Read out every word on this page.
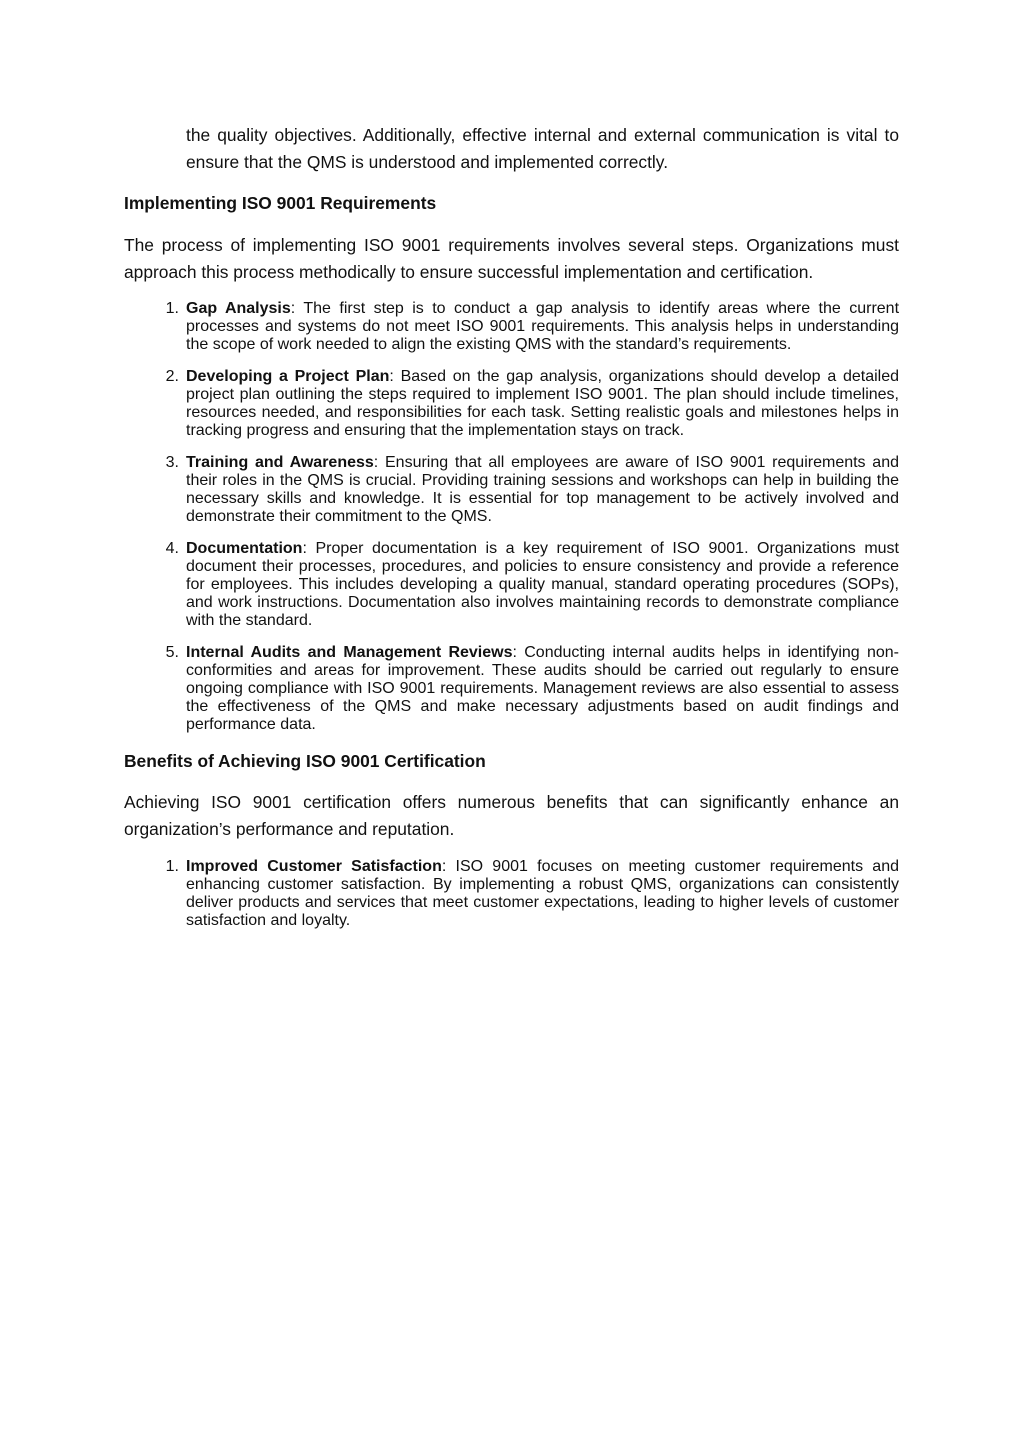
the quality objectives. Additionally, effective internal and external communication is vital to ensure that the QMS is understood and implemented correctly.

Implementing ISO 9001 Requirements

The process of implementing ISO 9001 requirements involves several steps. Organizations must approach this process methodically to ensure successful implementation and certification.

1. Gap Analysis: The first step is to conduct a gap analysis to identify areas where the current processes and systems do not meet ISO 9001 requirements. This analysis helps in understanding the scope of work needed to align the existing QMS with the standard’s requirements.
2. Developing a Project Plan: Based on the gap analysis, organizations should develop a detailed project plan outlining the steps required to implement ISO 9001. The plan should include timelines, resources needed, and responsibilities for each task. Setting realistic goals and milestones helps in tracking progress and ensuring that the implementation stays on track.
3. Training and Awareness: Ensuring that all employees are aware of ISO 9001 requirements and their roles in the QMS is crucial. Providing training sessions and workshops can help in building the necessary skills and knowledge. It is essential for top management to be actively involved and demonstrate their commitment to the QMS.
4. Documentation: Proper documentation is a key requirement of ISO 9001. Organizations must document their processes, procedures, and policies to ensure consistency and provide a reference for employees. This includes developing a quality manual, standard operating procedures (SOPs), and work instructions. Documentation also involves maintaining records to demonstrate compliance with the standard.
5. Internal Audits and Management Reviews: Conducting internal audits helps in identifying non-conformities and areas for improvement. These audits should be carried out regularly to ensure ongoing compliance with ISO 9001 requirements. Management reviews are also essential to assess the effectiveness of the QMS and make necessary adjustments based on audit findings and performance data.
Benefits of Achieving ISO 9001 Certification

Achieving ISO 9001 certification offers numerous benefits that can significantly enhance an organization’s performance and reputation.

1. Improved Customer Satisfaction: ISO 9001 focuses on meeting customer requirements and enhancing customer satisfaction. By implementing a robust QMS, organizations can consistently deliver products and services that meet customer expectations, leading to higher levels of customer satisfaction and loyalty.
